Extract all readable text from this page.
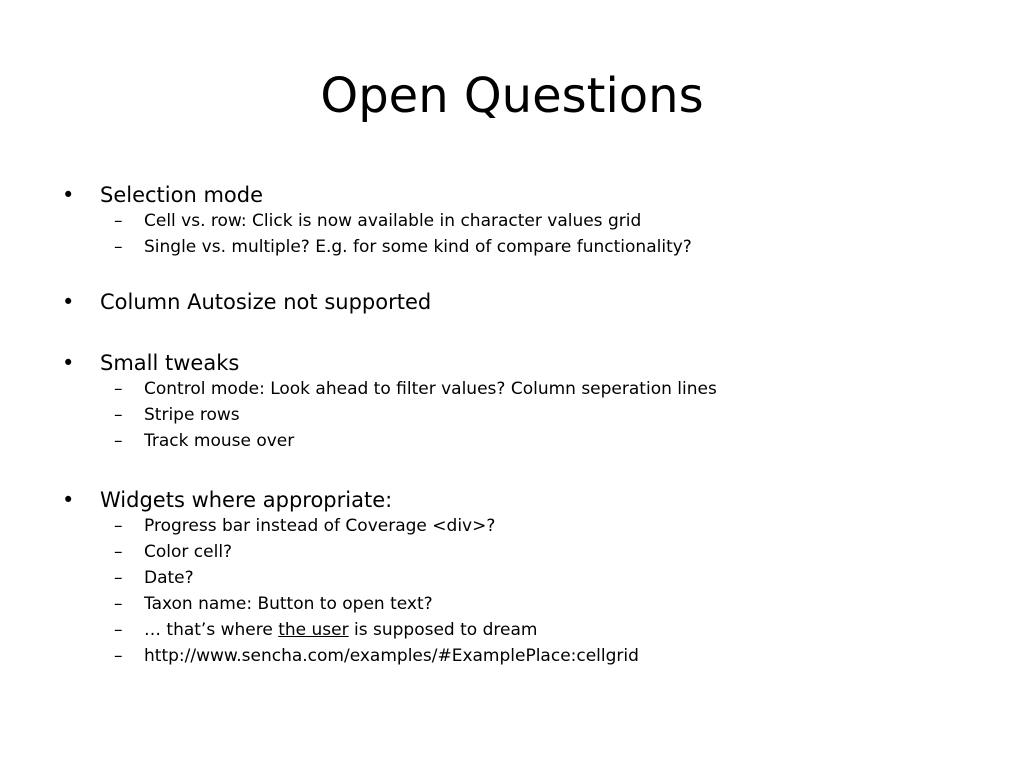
Open Questions
•	Selection mode
–	Cell vs. row: Click is now available in character values grid
–	Single vs. multiple? E.g. for some kind of compare functionality?
•	Column Autosize not supported
•	Small tweaks
–	Control mode: Look ahead to filter values? Column seperation lines
–	Stripe rows
–	Track mouse over
•	Widgets where appropriate:
–	Progress bar instead of Coverage <div>?
–	Color cell?
–	Date?
–	Taxon name: Button to open text?
–	… that’s where the user is supposed to dream
–	http://www.sencha.com/examples/#ExamplePlace:cellgrid
